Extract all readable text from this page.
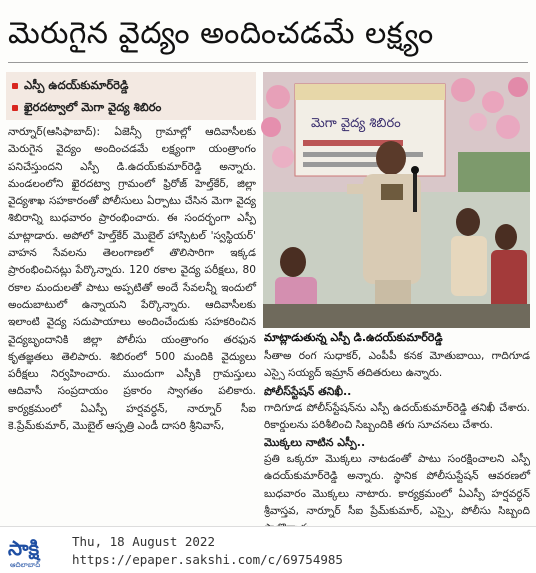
మెరుగైన వైద్యం అందించడమే లక్ష్యం
ఎస్పీ ఉదయ్‌కుమార్‌రెడ్డి
ఖైరదట్వాలో మెగా వైద్య శిబిరం

నార్నూర్(ఆసిఫాబాద్): ఏజెన్సీ గ్రామాల్లో ఆదివాసీలకు మెరుగైన వైద్యం అందించడమే లక్ష్యంగా యంత్రాంగం పనిచేస్తుందని ఎస్పీ డి.ఉదయ్‌కుమార్‌రెడ్డి అన్నారు. మండలంలోని ఖైరదట్వా గ్రామంలో ఫ్రిరోజ్ హెల్త్‌కేర్, జిల్లా వైద్యశాఖ సహకారంతో పోలీసులు ఏర్పాటు చేసిన మెగా వైద్య శిబిరాన్ని బుధవారం ప్రారంభించారు. ఈ సందర్భంగా ఎస్పీ మాట్లాడారు. అపోలో హెల్త్‌కేర్ మొబైల్ హాస్పిటల్ 'స్వస్థియర్' వాహన సేవలను తెలంగాణలో తొలిసారిగా ఇక్కడ ప్రారంభించినట్లు పేర్కొన్నారు. 120 రకాల వైద్య పరీక్షలు, 80 రకాల మందులతో పాటు అప్పటితో అందే సేవలన్నీ ఇందులో అందుబాటులో ఉన్నాయని పేర్కొన్నారు. ఆదివాసీలకు ఇలాంటి వైద్య సదుపాయాలు అందించేందుకు సహకరించిన వైద్యబృందానికి జిల్లా పోలీసు యంత్రాంగం తరఫున కృతజ్ఞతలు తెలిపారు. శిబిరంలో 500 మందికి వైద్యులు పరీక్షలు నిర్వహించారు. ముందుగా ఎస్పీకి గ్రామస్తులు ఆదివాసీ సంప్రదాయం ప్రకారం స్వాగతం పలికారు. కార్యక్రమంలో ఏఎస్పీ హర్షవర్ధన్, నార్నూర్ సీఐ కె.ప్రేమ్‌కుమార్, మొబైల్ ఆస్పత్రి ఎండీ దాసరి శ్రీనివాస్,

మెగా వైద్య శిబిరం
మాట్లాడుతున్న ఎస్పీ డి.ఉదయ్‌కుమార్‌రెడ్డి

సీతాఅ రంగ సుధాకర్, ఎంపీపీ కనక మోతుబాయి, గాదిగూడ ఎస్సై సయ్యద్ ఇమ్రాన్ తదితరులు ఉన్నారు.

పోలీస్‌స్టేషన్ తనిఖీ..

గాదిగూడ పోలీస్‌స్టేషన్‌ను ఎస్పీ ఉదయ్‌కుమార్‌రెడ్డి తనిఖీ చేశారు. రికార్డులను పరిశీలించి సిబ్బందికి తగు సూచనలు చేశారు.

మొక్కలు నాటిన ఎస్పీ..

ప్రతి ఒక్కరూ మొక్కలు నాటడంతో పాటు సంరక్షించాలని ఎస్పీ ఉదయ్‌కుమార్‌రెడ్డి అన్నారు. స్థానిక పోలీసుస్టేషన్ ఆవరణలో బుధవారం మొక్కలు నాటారు. కార్యక్రమంలో ఏఎస్పీ హర్షవర్ధన్ శ్రీవాస్తవ, నార్నూర్ సీఐ ప్రేమ్‌కుమార్, ఎస్సై, పోలీసు సిబ్బంది

సాక్షి
ఆదిలాబాద్
Thu, 18 August 2022
https://epaper.sakshi.com/c/69754985
